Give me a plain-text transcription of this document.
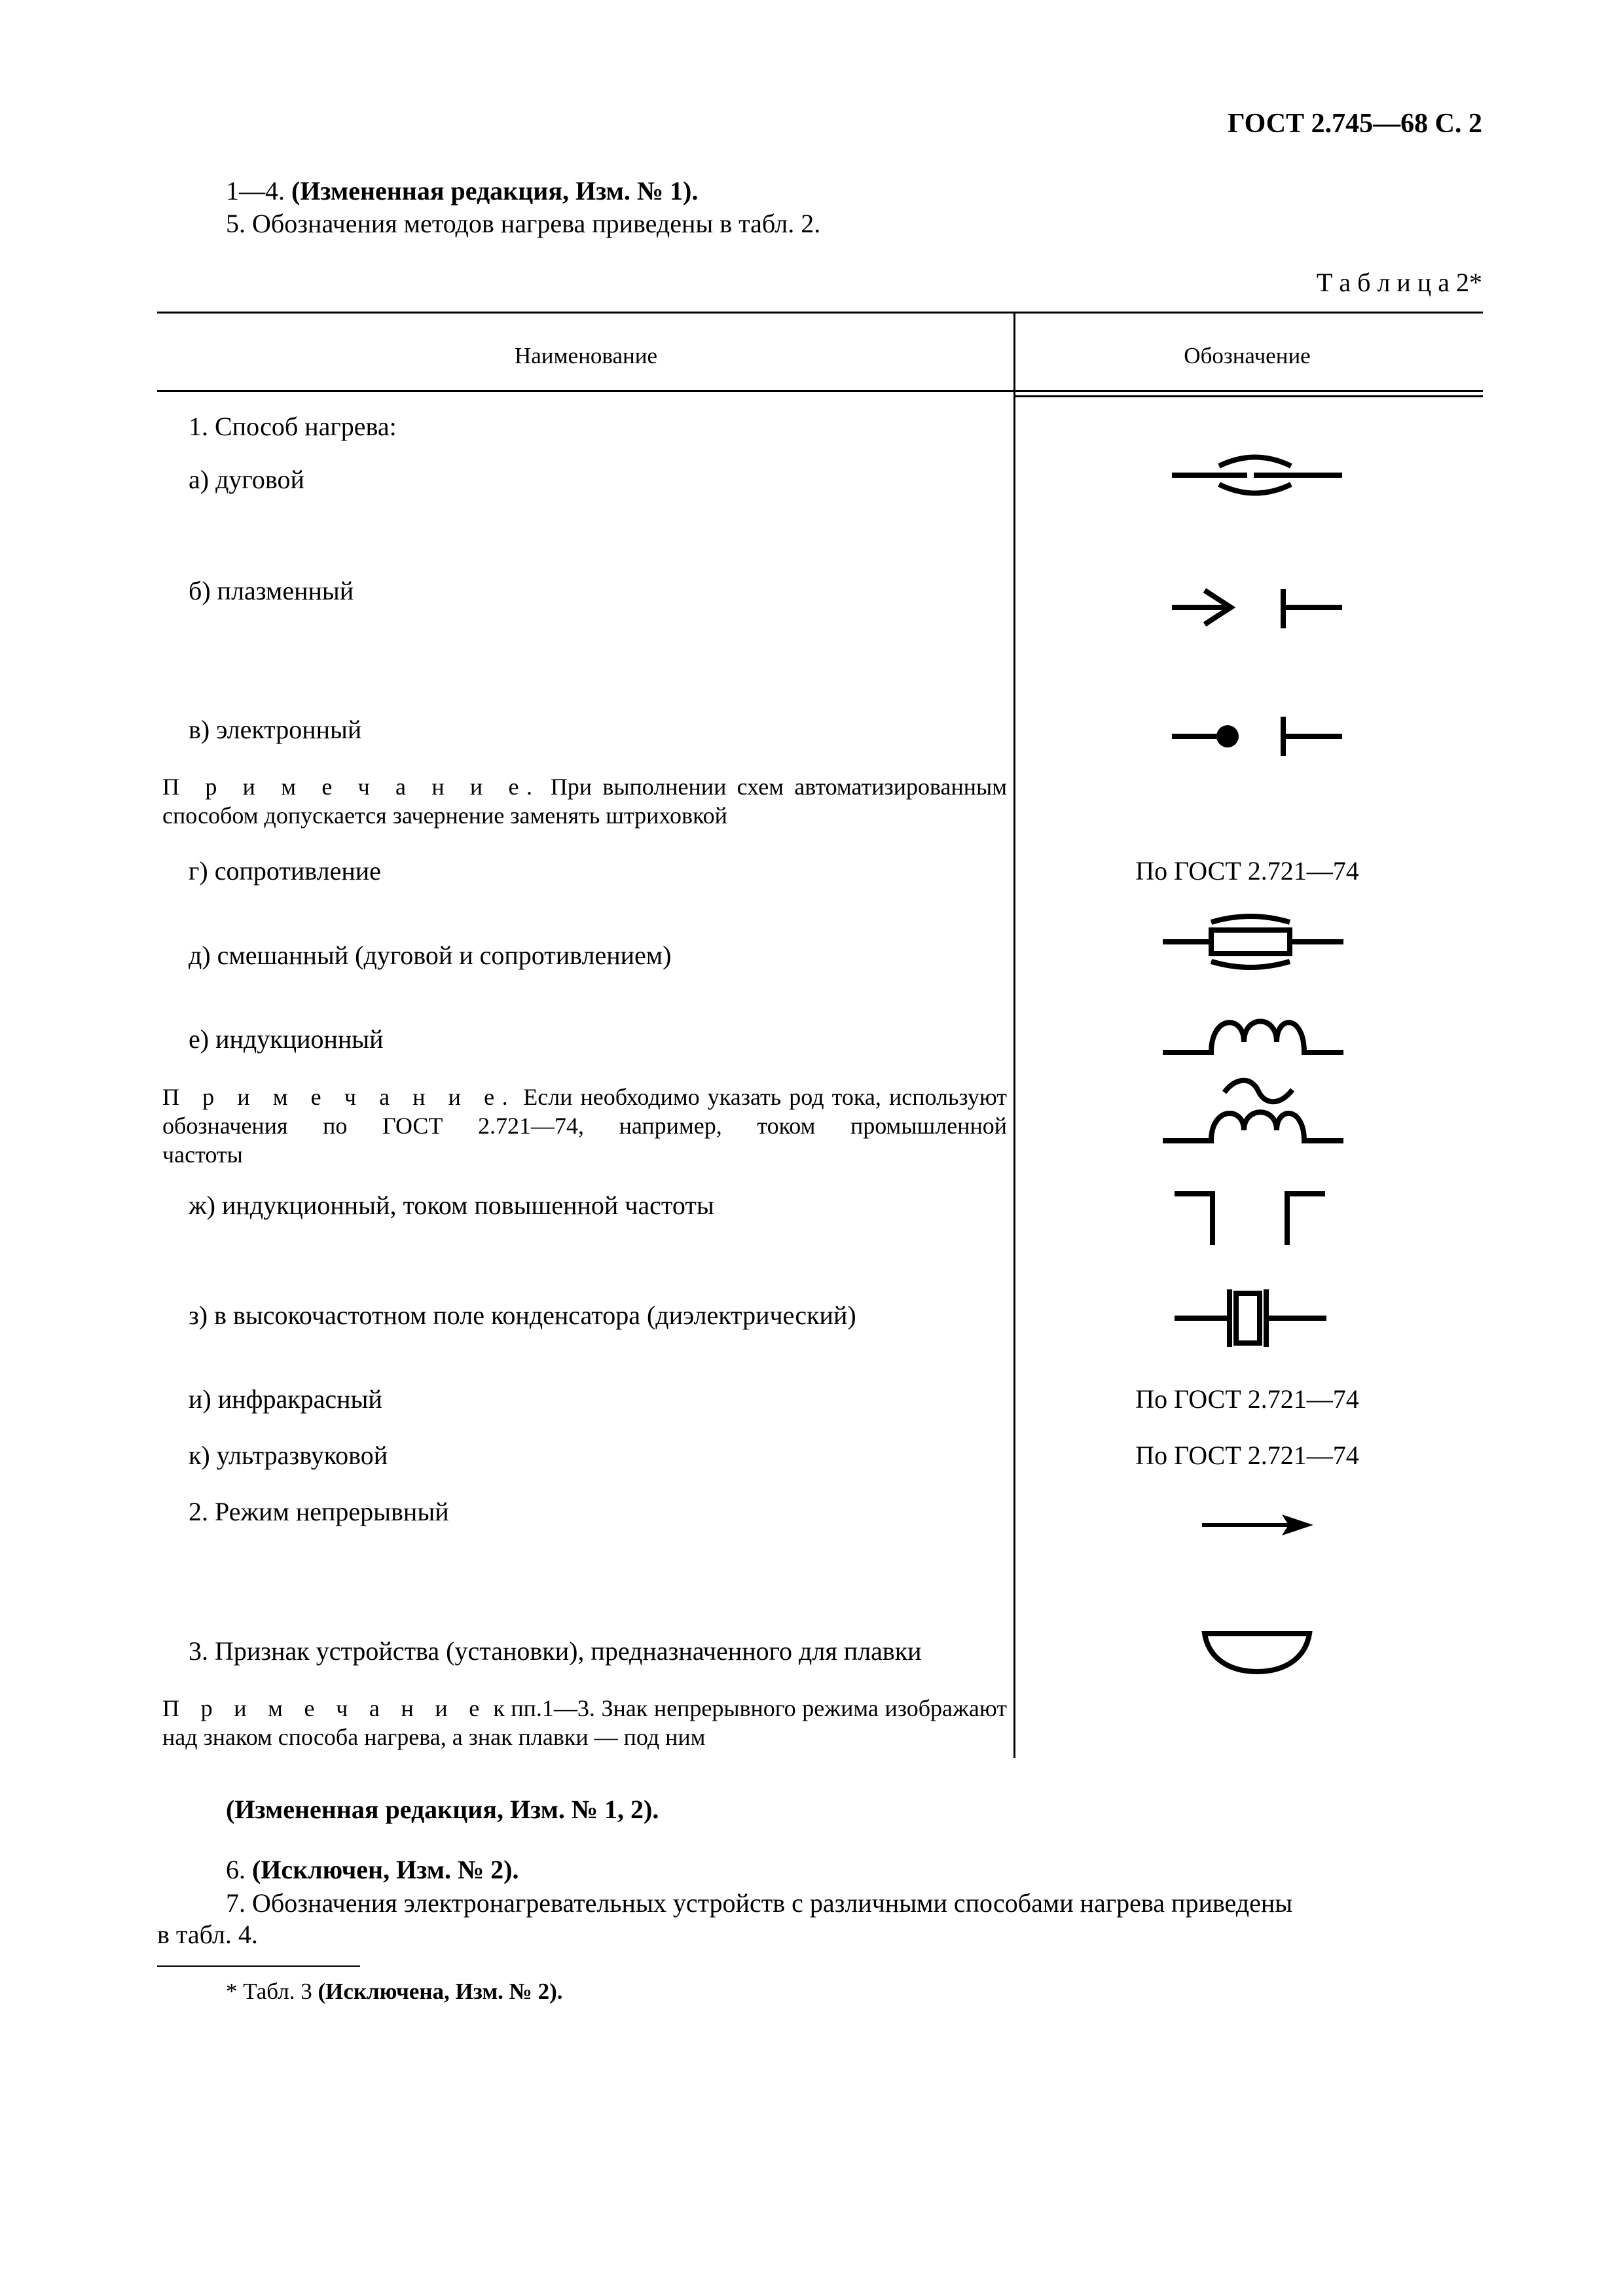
ГОСТ 2.745—68 С. 2
1—4. (Измененная редакция, Изм. № 1).
5. Обозначения методов нагрева приведены в табл. 2.
Т а б л и ц а 2*
Наименование	Обозначение
1. Способ нагрева:
а) дуговой
б) плазменный
в) электронный
П р и м е ч а н и е. При выполнении схем автоматизированным
способом допускается зачернение заменять штриховкой
г) сопротивление
д) смешанный (дуговой и сопротивлением)
е) индукционный
П р и м е ч а н и е. Если необходимо указать род тока, используют
обозначения по ГОСТ 2.721—74, например, током промышленной
частоты
ж) индукционный, током повышенной частоты
з) в высокочастотном поле конденсатора (диэлектрический)
и) инфракрасный
к) ультразвуковой
2. Режим непрерывный
3. Признак устройства (установки), предназначенного для плавки
П р и м е ч а н и е к пп.1—3. Знак непрерывного режима изображают
над знаком способа нагрева, а знак плавки — под ним
По ГОСТ 2.721—74
По ГОСТ 2.721—74
По ГОСТ 2.721—74
(Измененная редакция, Изм. № 1, 2).
6. (Исключен, Изм. № 2).
7. Обозначения электронагревательных устройств с различными способами нагрева приведены
в табл. 4.
* Табл. 3 (Исключена, Изм. № 2).
